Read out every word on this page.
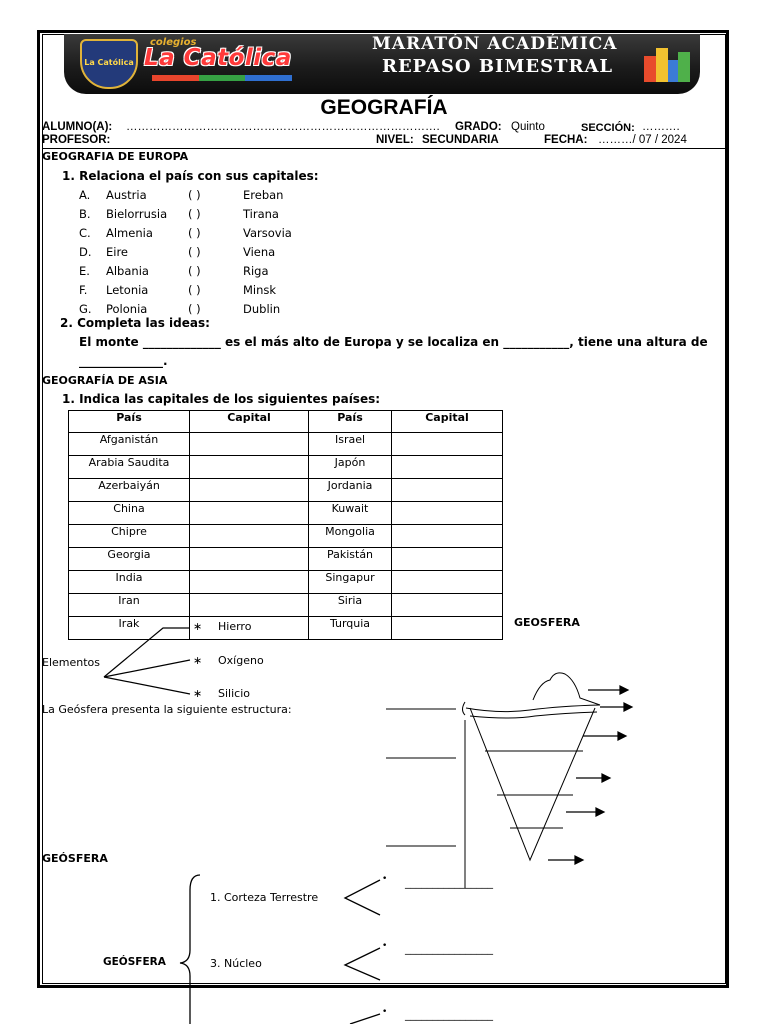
La Católica
colegios
La Católica
MARATÓN ACADÉMICA
REPASO BIMESTRAL
GEOGRAFÍA
ALUMNO(A): ………………………………………………………………………. GRADO: Quinto	SECCIÓN: ……….
PROFESOR:	NIVEL: SECUNDARIA	FECHA: ………/ 07 / 2024
GEOGRAFIA DE EUROPA
1. Relaciona el país con sus capitales:
A. Austria	( )	Ereban
B. Bielorrusia ( )	Tirana
C. Almenia	( )	Varsovia
D. Eire	( )	Viena
E. Albania	( )	Riga
F. Letonia	( )	Minsk
G. Polonia	( )	Dublin
2. Completa las ideas:
El monte _____________ es el más alto de Europa y se localiza en ___________, tiene una altura de
______________.
GEOGRAFÍA DE ASIA
1. Indica las capitales de los siguientes países:
País	Capital	País	Capital
Afganistán		Israel	
Arabia Saudita		Japón	
Azerbaiyán		Jordania	
China		Kuwait	
Chipre		Mongolia	
Georgia		Pakistán	
India		Singapur	
Iran		Siria	
Irak		Turquia		GEOSFERA
Elementos
∗ Hierro
∗ Oxígeno
∗ Silicio
La Geósfera presenta la siguiente estructura:
GEÓSFERA
1. Corteza Terrestre
3. Núcleo
GEÓSFERA
• ________________
• ________________
• ________________
